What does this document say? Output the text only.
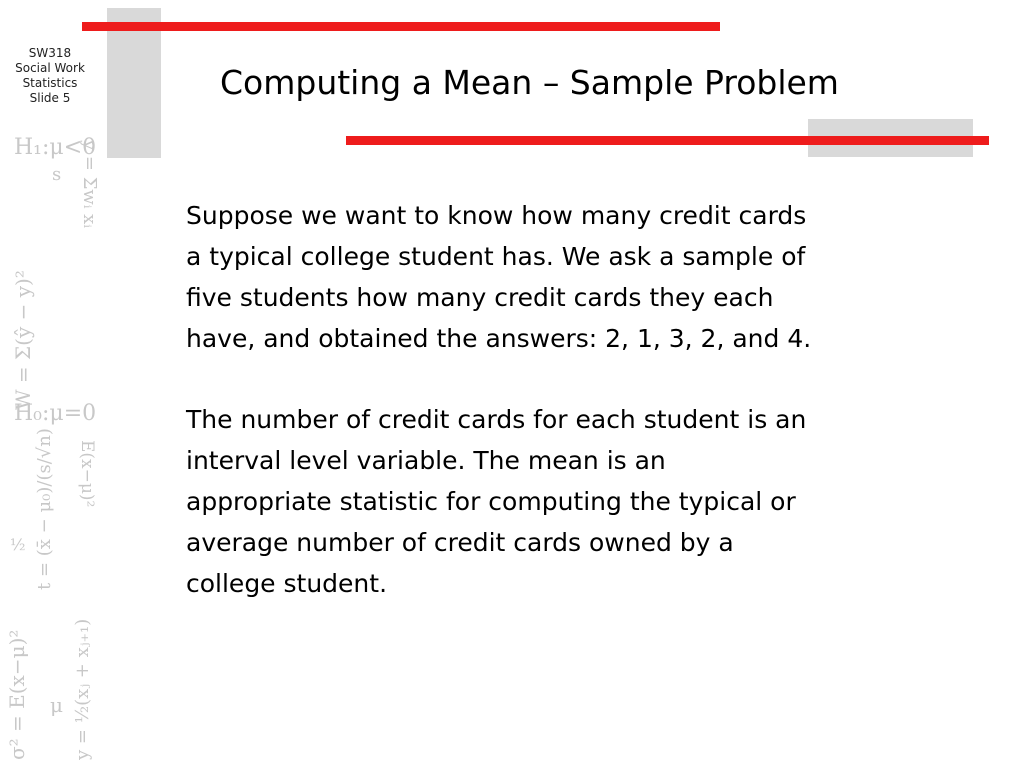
SW318
Social Work
Statistics
Slide 5
H₁:μ<0
s y = Σwᵢ xᵢ
W = Σ(ŷ − y)²
H₀:μ=0
t = (x̄ − μ₀)/(s/√n)
½
E(x−μ)²
σ² = E(x−μ)² y = ½(xⱼ + xⱼ₊₁)
μ
Computing a Mean – Sample Problem

Suppose we want to know how many credit cards
a typical college student has. We ask a sample of
five students how many credit cards they each
have, and obtained the answers: 2, 1, 3, 2, and 4.

The number of credit cards for each student is an
interval level variable. The mean is an
appropriate statistic for computing the typical or
average number of credit cards owned by a
college student.
